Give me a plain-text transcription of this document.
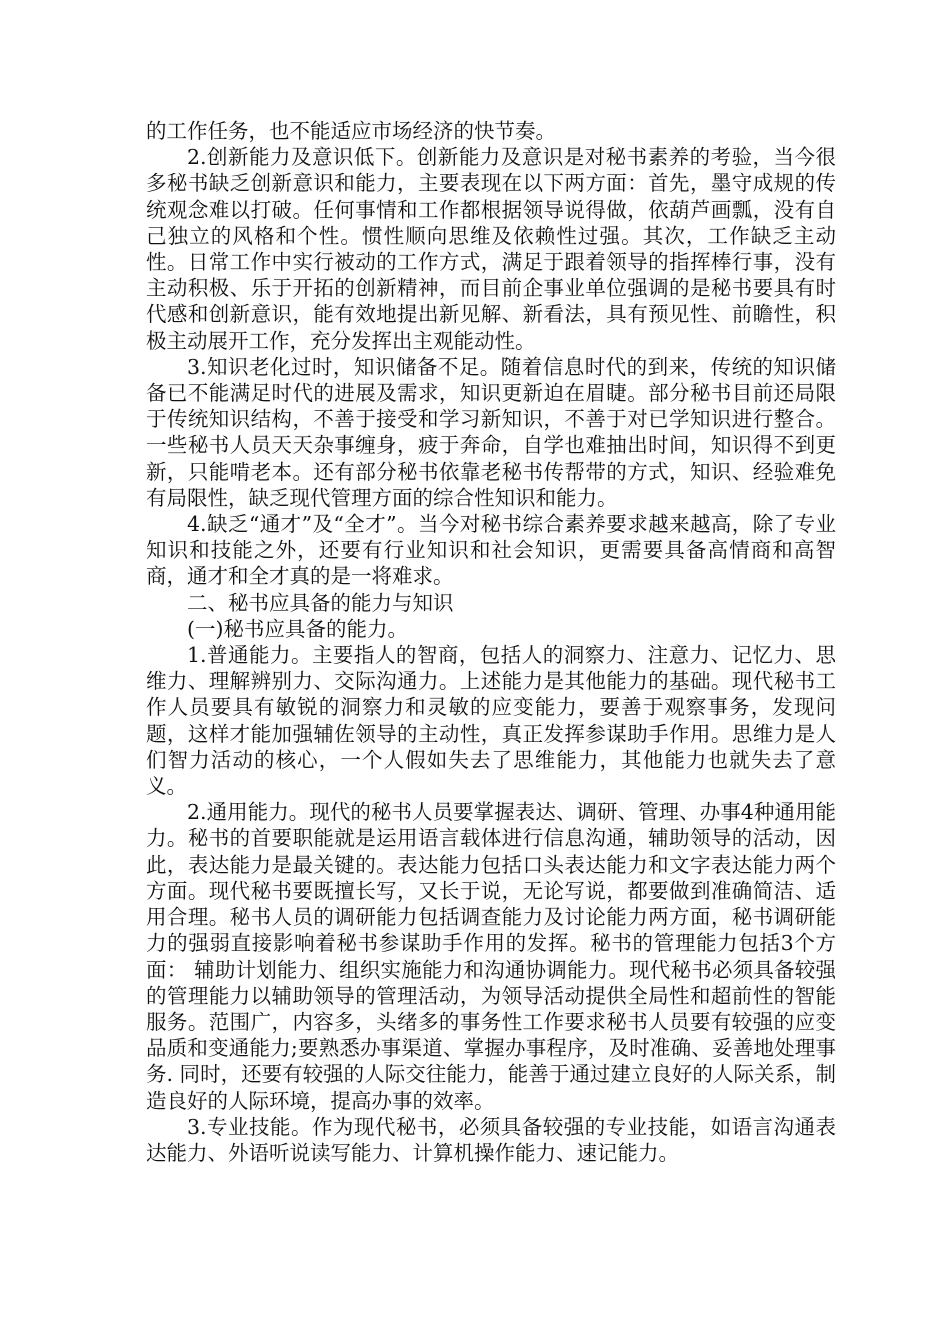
的工作任务，也不能适应市场经济的快节奏。

2.创新能力及意识低下。创新能力及意识是对秘书素养的考验，当今很多秘书缺乏创新意识和能力，主要表现在以下两方面：首先，墨守成规的传统观念难以打破。任何事情和工作都根据领导说得做，依葫芦画瓢，没有自己独立的风格和个性。惯性顺向思维及依赖性过强。其次，工作缺乏主动性。日常工作中实行被动的工作方式，满足于跟着领导的指挥棒行事，没有主动积极、乐于开拓的创新精神，而目前企事业单位强调的是秘书要具有时代感和创新意识，能有效地提出新见解、新看法，具有预见性、前瞻性，积极主动展开工作，充分发挥出主观能动性。

3.知识老化过时，知识储备不足。随着信息时代的到来，传统的知识储备已不能满足时代的进展及需求，知识更新迫在眉睫。部分秘书目前还局限于传统知识结构，不善于接受和学习新知识，不善于对已学知识进行整合。一些秘书人员天天杂事缠身，疲于奔命，自学也难抽出时间，知识得不到更新，只能啃老本。还有部分秘书依靠老秘书传帮带的方式，知识、经验难免有局限性，缺乏现代管理方面的综合性知识和能力。

4.缺乏“通才”及“全才”。当今对秘书综合素养要求越来越高，除了专业知识和技能之外，还要有行业知识和社会知识，更需要具备高情商和高智商，通才和全才真的是一将难求。

二、秘书应具备的能力与知识

(一)秘书应具备的能力。

1.普通能力。主要指人的智商，包括人的洞察力、注意力、记忆力、思维力、理解辨别力、交际沟通力。上述能力是其他能力的基础。现代秘书工作人员要具有敏锐的洞察力和灵敏的应变能力，要善于观察事务，发现问题，这样才能加强辅佐领导的主动性，真正发挥参谋助手作用。思维力是人们智力活动的核心，一个人假如失去了思维能力，其他能力也就失去了意义。

2.通用能力。现代的秘书人员要掌握表达、调研、管理、办事4种通用能力。秘书的首要职能就是运用语言载体进行信息沟通，辅助领导的活动，因此，表达能力是最关键的。表达能力包括口头表达能力和文字表达能力两个方面。现代秘书要既擅长写，又长于说，无论写说，都要做到准确简洁、适用合理。秘书人员的调研能力包括调查能力及讨论能力两方面，秘书调研能力的强弱直接影响着秘书参谋助手作用的发挥。秘书的管理能力包括3个方面： 辅助计划能力、组织实施能力和沟通协调能力。现代秘书必须具备较强的管理能力以辅助领导的管理活动，为领导活动提供全局性和超前性的智能服务。范围广，内容多，头绪多的事务性工作要求秘书人员要有较强的应变品质和变通能力;要熟悉办事渠道、掌握办事程序，及时准确、妥善地处理事务. 同时，还要有较强的人际交往能力，能善于通过建立良好的人际关系，制造良好的人际环境，提高办事的效率。

3.专业技能。作为现代秘书，必须具备较强的专业技能，如语言沟通表达能力、外语听说读写能力、计算机操作能力、速记能力。
